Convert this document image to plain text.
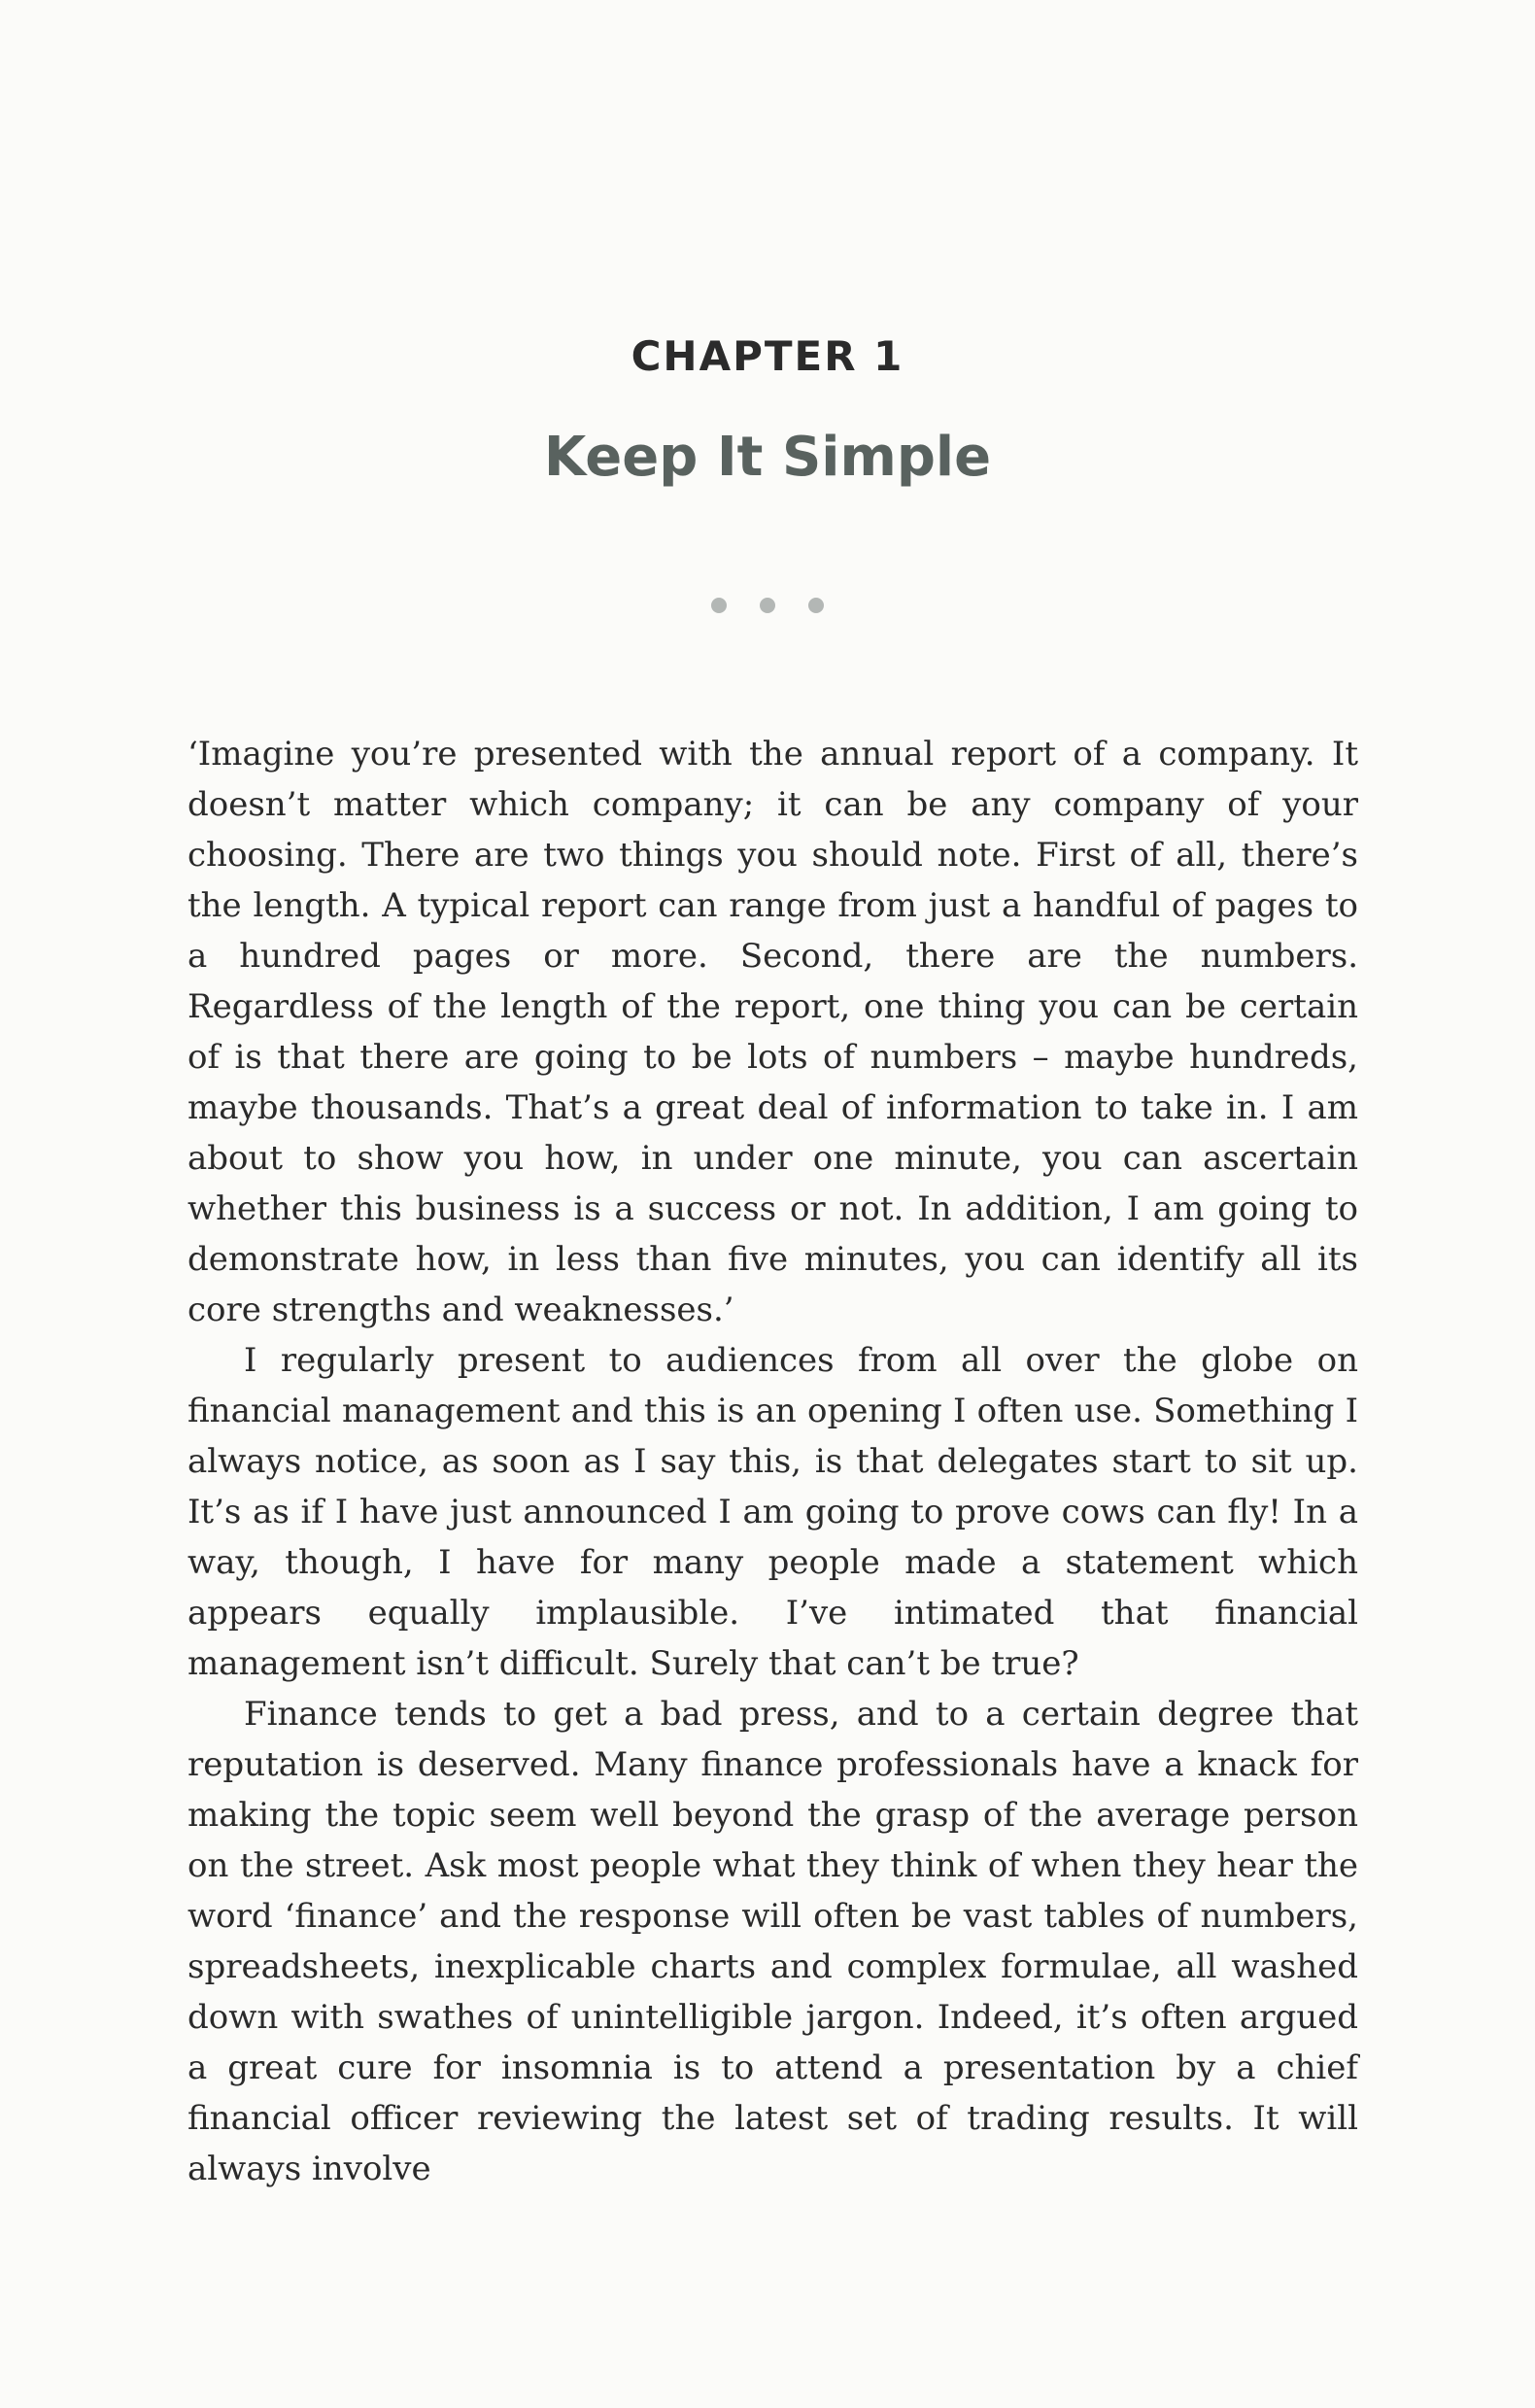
CHAPTER 1
Keep It Simple

‘Imagine you’re presented with the annual report of a company. It doesn’t matter which company; it can be any company of your choosing. There are two things you should note. First of all, there’s the length. A typical report can range from just a handful of pages to a hundred pages or more. Second, there are the numbers. Regardless of the length of the report, one thing you can be certain of is that there are going to be lots of numbers – maybe hundreds, maybe thousands. That’s a great deal of information to take in. I am about to show you how, in under one minute, you can ascertain whether this business is a success or not. In addition, I am going to demonstrate how, in less than five minutes, you can identify all its core strengths and weaknesses.’

I regularly present to audiences from all over the globe on financial management and this is an opening I often use. Something I always notice, as soon as I say this, is that delegates start to sit up. It’s as if I have just announced I am going to prove cows can fly! In a way, though, I have for many people made a statement which appears equally implausible. I’ve intimated that financial management isn’t difficult. Surely that can’t be true?

Finance tends to get a bad press, and to a certain degree that reputation is deserved. Many finance professionals have a knack for making the topic seem well beyond the grasp of the average person on the street. Ask most people what they think of when they hear the word ‘finance’ and the response will often be vast tables of numbers, spreadsheets, inexplicable charts and complex formulae, all washed down with swathes of unintelligible jargon. Indeed, it’s often argued a great cure for insomnia is to attend a presentation by a chief financial officer reviewing the latest set of trading results. It will always involve
